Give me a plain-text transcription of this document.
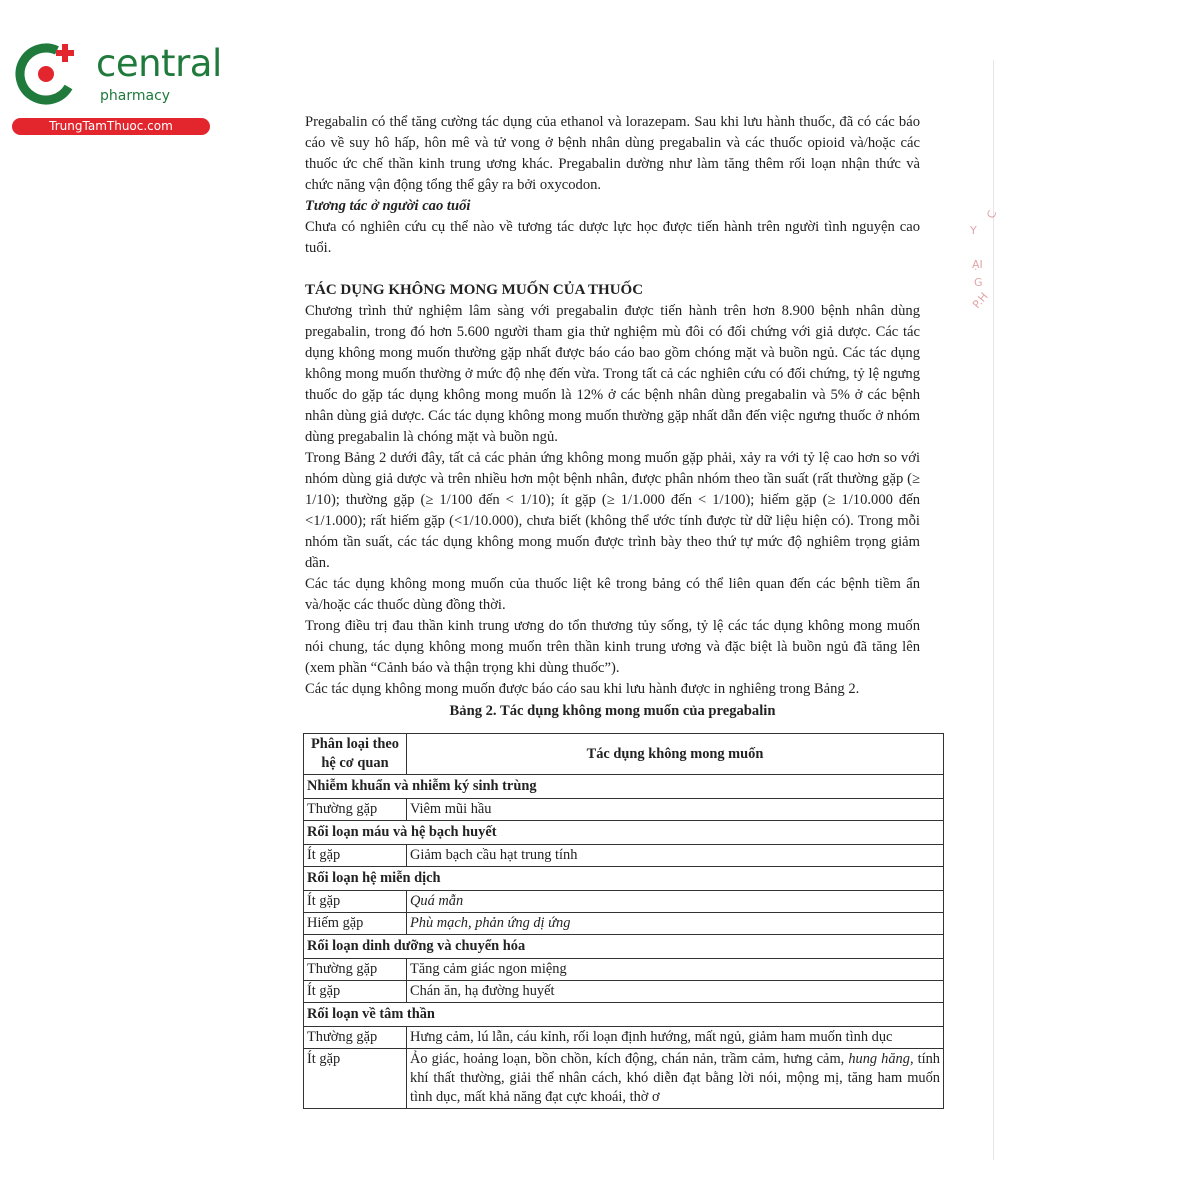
central
pharmacy
TrungTamThuoc.com
Y
C
ẠI
G
P.H

Pregabalin có thể tăng cường tác dụng của ethanol và lorazepam. Sau khi lưu hành thuốc, đã có các báo cáo về suy hô hấp, hôn mê và tử vong ở bệnh nhân dùng pregabalin và các thuốc opioid và/hoặc các thuốc ức chế thần kinh trung ương khác. Pregabalin dường như làm tăng thêm rối loạn nhận thức và chức năng vận động tổng thể gây ra bởi oxycodon.

Tương tác ở người cao tuổi

Chưa có nghiên cứu cụ thể nào về tương tác dược lực học được tiến hành trên người tình nguyện cao tuổi.

TÁC DỤNG KHÔNG MONG MUỐN CỦA THUỐC

Chương trình thử nghiệm lâm sàng với pregabalin được tiến hành trên hơn 8.900 bệnh nhân dùng pregabalin, trong đó hơn 5.600 người tham gia thử nghiệm mù đôi có đối chứng với giả dược. Các tác dụng không mong muốn thường gặp nhất được báo cáo bao gồm chóng mặt và buồn ngủ. Các tác dụng không mong muốn thường ở mức độ nhẹ đến vừa. Trong tất cả các nghiên cứu có đối chứng, tỷ lệ ngưng thuốc do gặp tác dụng không mong muốn là 12% ở các bệnh nhân dùng pregabalin và 5% ở các bệnh nhân dùng giả dược. Các tác dụng không mong muốn thường gặp nhất dẫn đến việc ngưng thuốc ở nhóm dùng pregabalin là chóng mặt và buồn ngủ.

Trong Bảng 2 dưới đây, tất cả các phản ứng không mong muốn gặp phải, xảy ra với tỷ lệ cao hơn so với nhóm dùng giả dược và trên nhiều hơn một bệnh nhân, được phân nhóm theo tần suất (rất thường gặp (≥ 1/10); thường gặp (≥ 1/100 đến < 1/10); ít gặp (≥ 1/1.000 đến < 1/100); hiếm gặp (≥ 1/10.000 đến <1/1.000); rất hiếm gặp (<1/10.000), chưa biết (không thể ước tính được từ dữ liệu hiện có). Trong mỗi nhóm tần suất, các tác dụng không mong muốn được trình bày theo thứ tự mức độ nghiêm trọng giảm dần.

Các tác dụng không mong muốn của thuốc liệt kê trong bảng có thể liên quan đến các bệnh tiềm ẩn và/hoặc các thuốc dùng đồng thời.

Trong điều trị đau thần kinh trung ương do tổn thương tủy sống, tỷ lệ các tác dụng không mong muốn nói chung, tác dụng không mong muốn trên thần kinh trung ương và đặc biệt là buồn ngủ đã tăng lên (xem phần “Cảnh báo và thận trọng khi dùng thuốc”).

Các tác dụng không mong muốn được báo cáo sau khi lưu hành được in nghiêng trong Bảng 2.

Bảng 2. Tác dụng không mong muốn của pregabalin

Phân loại theo hệ cơ quan	Tác dụng không mong muốn
Nhiễm khuẩn và nhiễm ký sinh trùng	
Thường gặp	Viêm mũi hầu
Rối loạn máu và hệ bạch huyết	
Ít gặp	Giảm bạch cầu hạt trung tính
Rối loạn hệ miễn dịch	
Ít gặp	Quá mẫn
Hiếm gặp	Phù mạch, phản ứng dị ứng
Rối loạn dinh dưỡng và chuyển hóa	
Thường gặp	Tăng cảm giác ngon miệng
Ít gặp	Chán ăn, hạ đường huyết
Rối loạn về tâm thần	
Thường gặp	Hưng cảm, lú lẫn, cáu kỉnh, rối loạn định hướng, mất ngủ, giảm ham muốn tình dục
Ít gặp	Ảo giác, hoảng loạn, bồn chồn, kích động, chán nản, trầm cảm, hưng cảm, hung hăng, tính khí thất thường, giải thể nhân cách, khó diễn đạt bằng lời nói, mộng mị, tăng ham muốn tình dục, mất khả năng đạt cực khoái, thờ ơ
